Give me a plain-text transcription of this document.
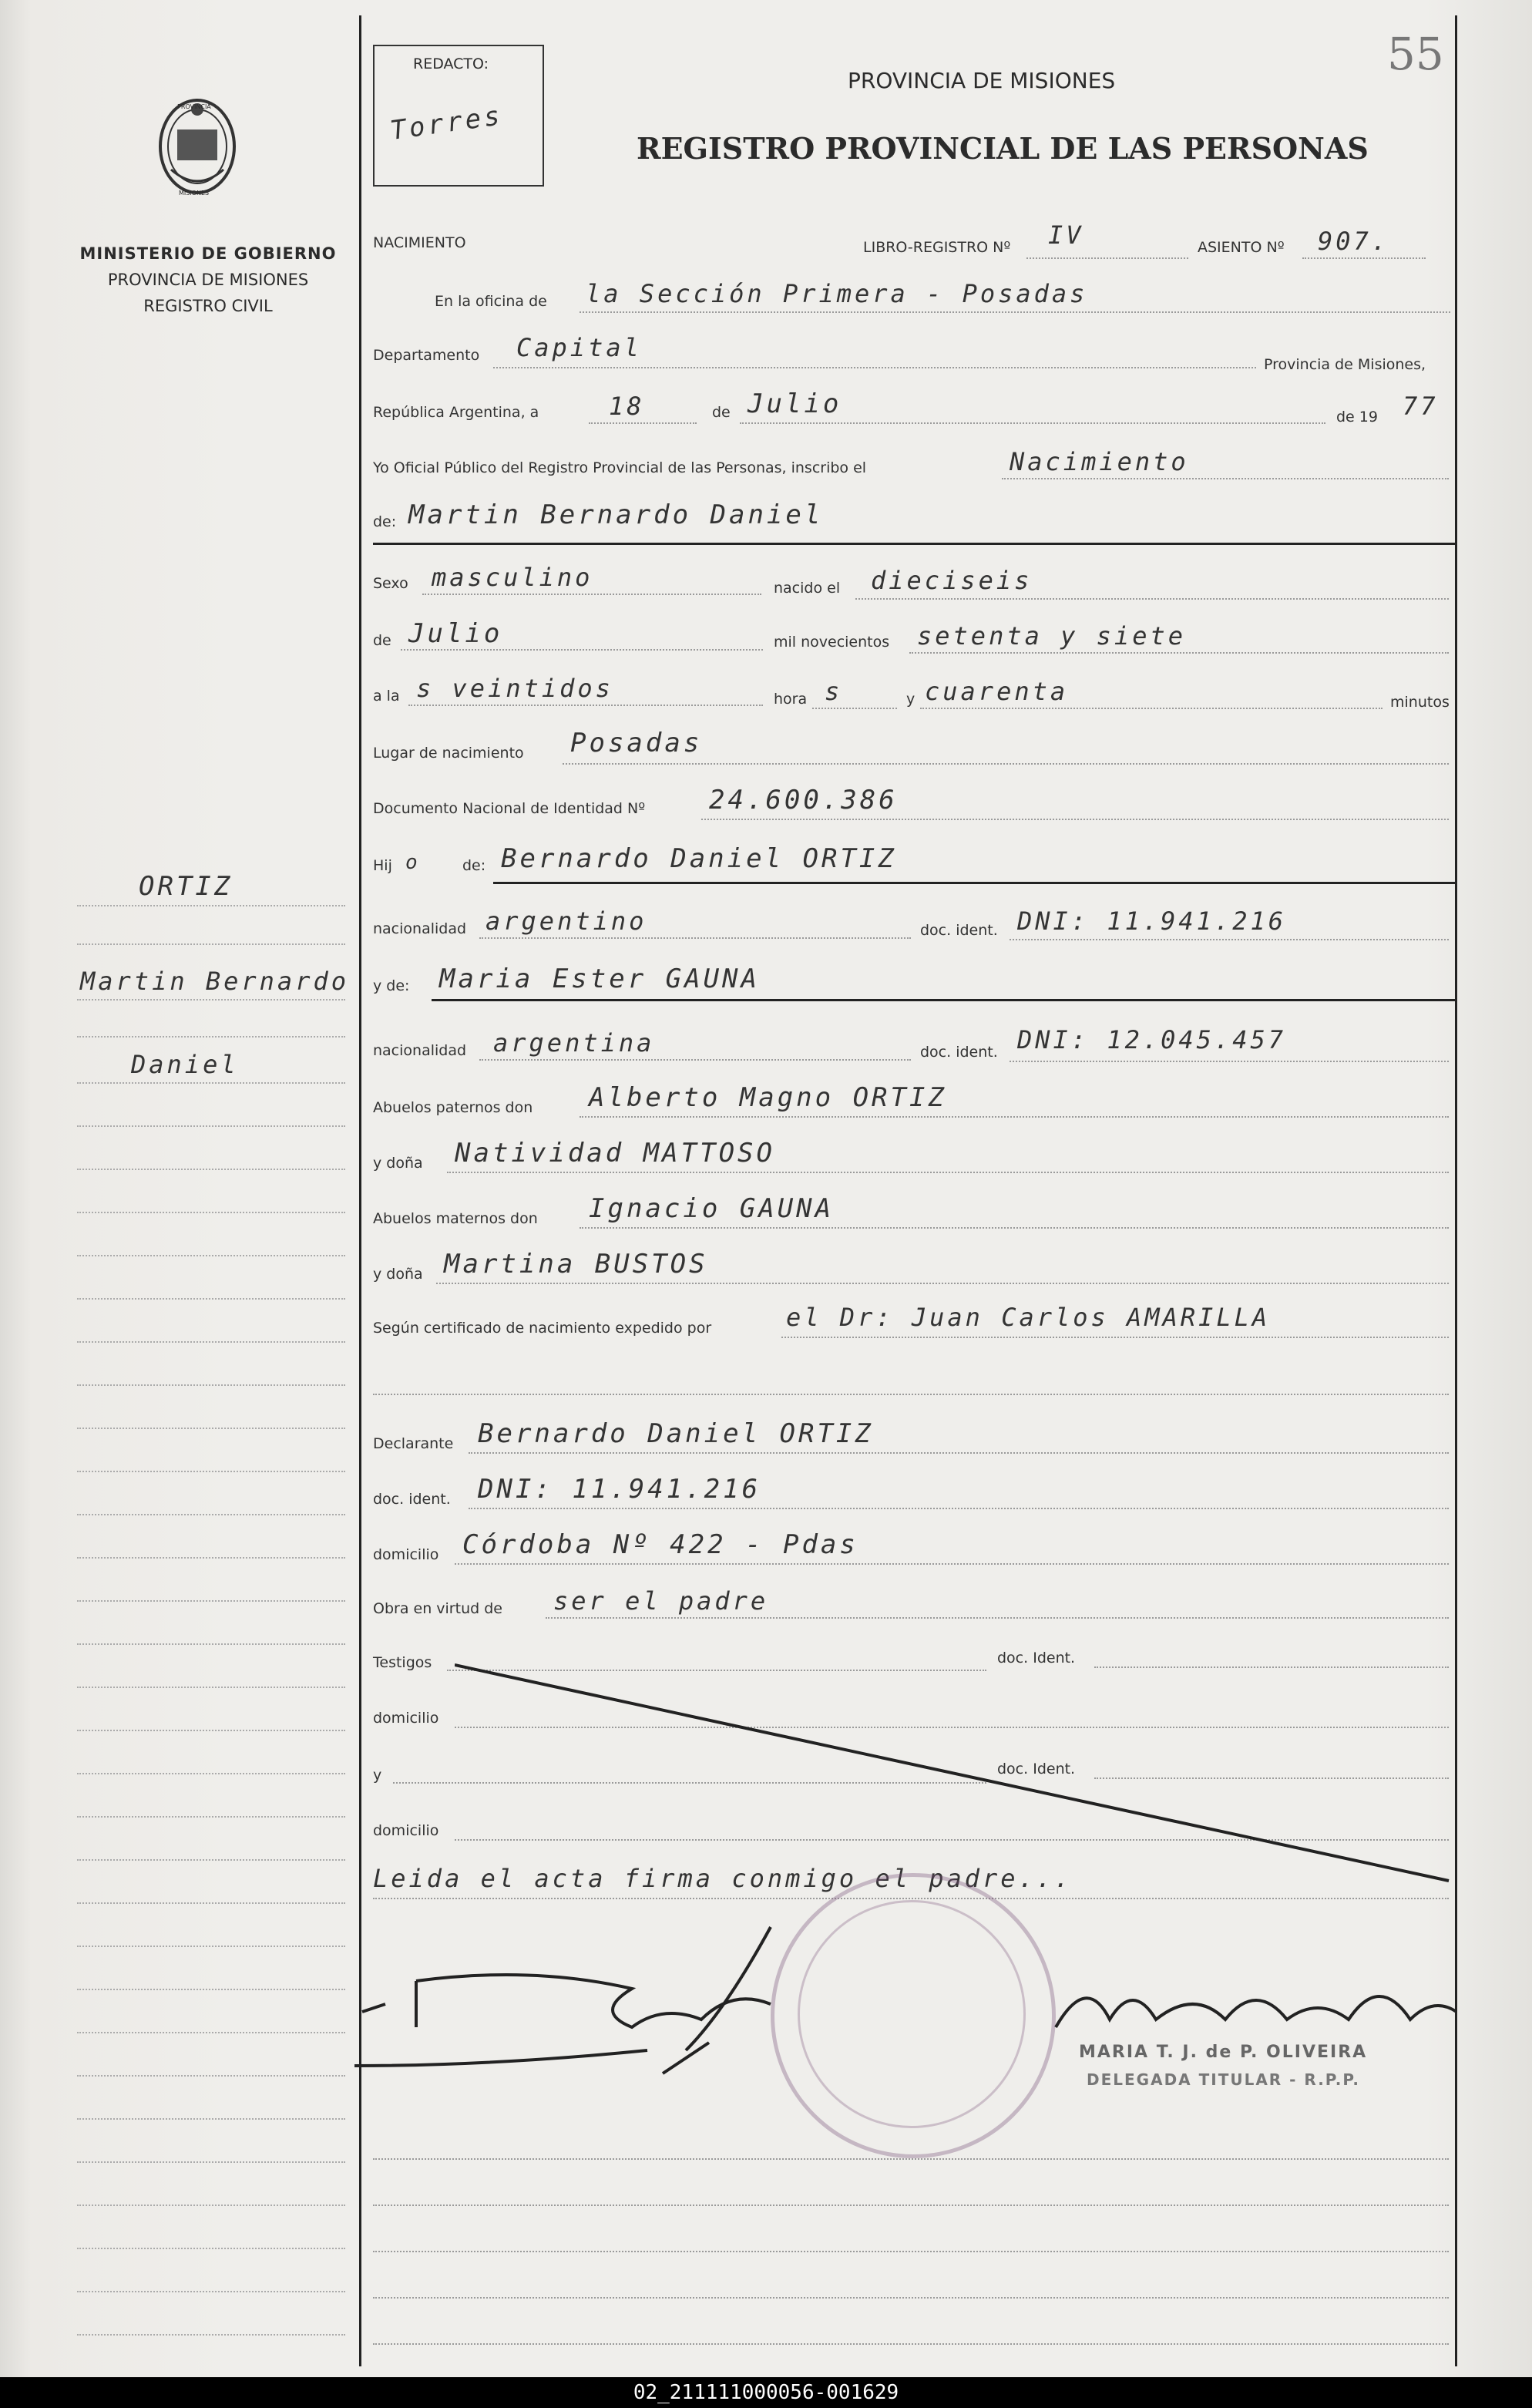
55
REDACTO:
Torres
PROVINCIA DE MISIONES
REGISTRO PROVINCIAL DE LAS PERSONAS
PROVINCIA
MISIONES
MINISTERIO DE GOBIERNO
PROVINCIA DE MISIONES
REGISTRO CIVIL
ORTIZ
Martin Bernardo
Daniel
NACIMIENTO	LIBRO-REGISTRO Nº IV	ASIENTO Nº 907.
En la oficina de la Sección Primera - Posadas
Departamento Capital
Provincia de Misiones,
República Argentina, a	18	de Julio	de 19 77
Yo Oficial Público del Registro Provincial de las Personas, inscribo el	Nacimiento
de: Martin Bernardo Daniel
Sexo masculino	nacido el dieciseis
de Julio	mil novecientos setenta y siete
a la s veintidos	hora s	y cuarenta	minutos
Lugar de nacimiento Posadas
Documento Nacional de Identidad Nº 24.600.386
Hij o	de: Bernardo Daniel ORTIZ
nacionalidad argentino	doc. ident. DNI: 11.941.216
y de: Maria Ester GAUNA
nacionalidad argentina	doc. ident. DNI: 12.045.457
Abuelos paternos don Alberto Magno ORTIZ
y doña Natividad MATTOSO
Abuelos maternos don Ignacio GAUNA
y doña Martina BUSTOS
Según certificado de nacimiento expedido por	el Dr: Juan Carlos AMARILLA
Declarante Bernardo Daniel ORTIZ
doc. ident. DNI: 11.941.216
domicilio Córdoba Nº 422 - Pdas
Obra en virtud de ser el padre
Testigos	doc. Ident.
domicilio
y	doc. Ident.
domicilio
Leida el acta firma conmigo el padre...
MARIA T. J. de P. OLIVEIRA
DELEGADA TITULAR - R.P.P.
02_211111000056-001629
